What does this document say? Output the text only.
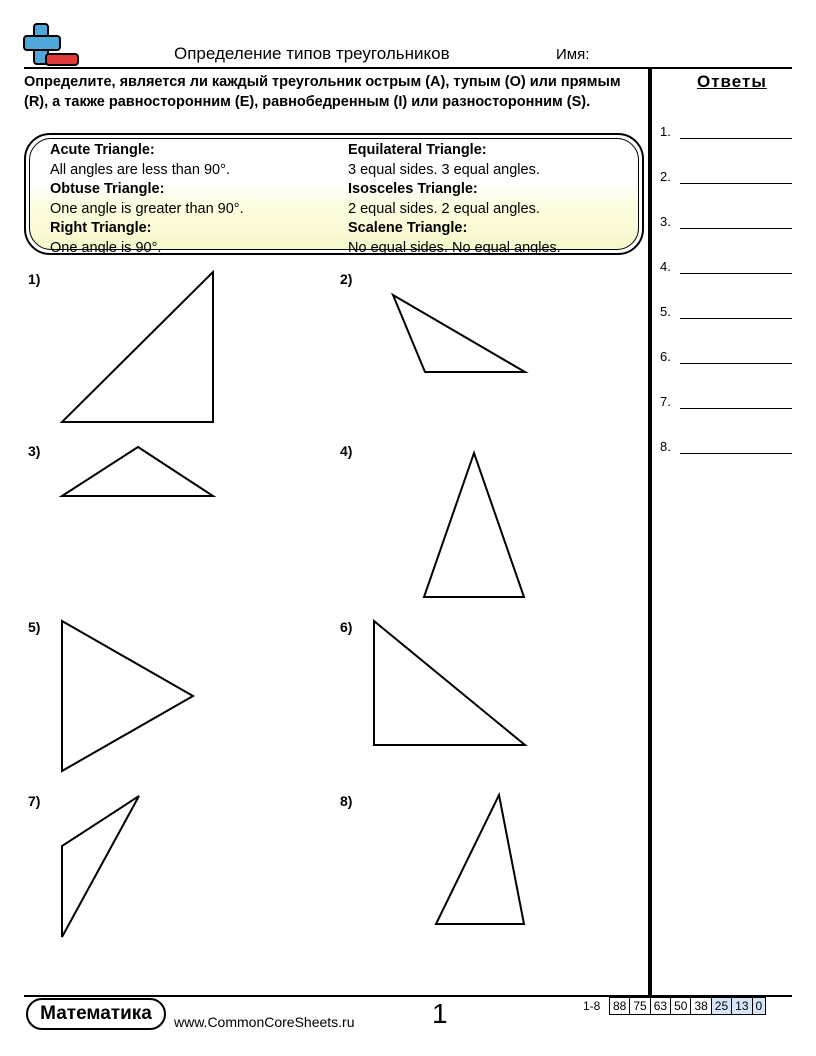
Определение типов треугольников	Имя:
Определите, является ли каждый треугольник острым (A), тупым (O) или прямым (R), а также равносторонним (E), равнобедренным (I) или разносторонним (S).
Acute Triangle:
All angles are less than 90°.
Obtuse Triangle:
One angle is greater than 90°.
Right Triangle:
One angle is 90°.
Equilateral Triangle:
3 equal sides. 3 equal angles.
Isosceles Triangle:
2 equal sides. 2 equal angles.
Scalene Triangle:
No equal sides. No equal angles.
1)	2)
3)	4)
5)	6)
7)	8)
Ответы
1.
2.
3.
4.
5.
6.
7.
8.
Математика	www.CommonCoreSheets.ru	1	1-8 88	75	63	50	38	25	13	0
